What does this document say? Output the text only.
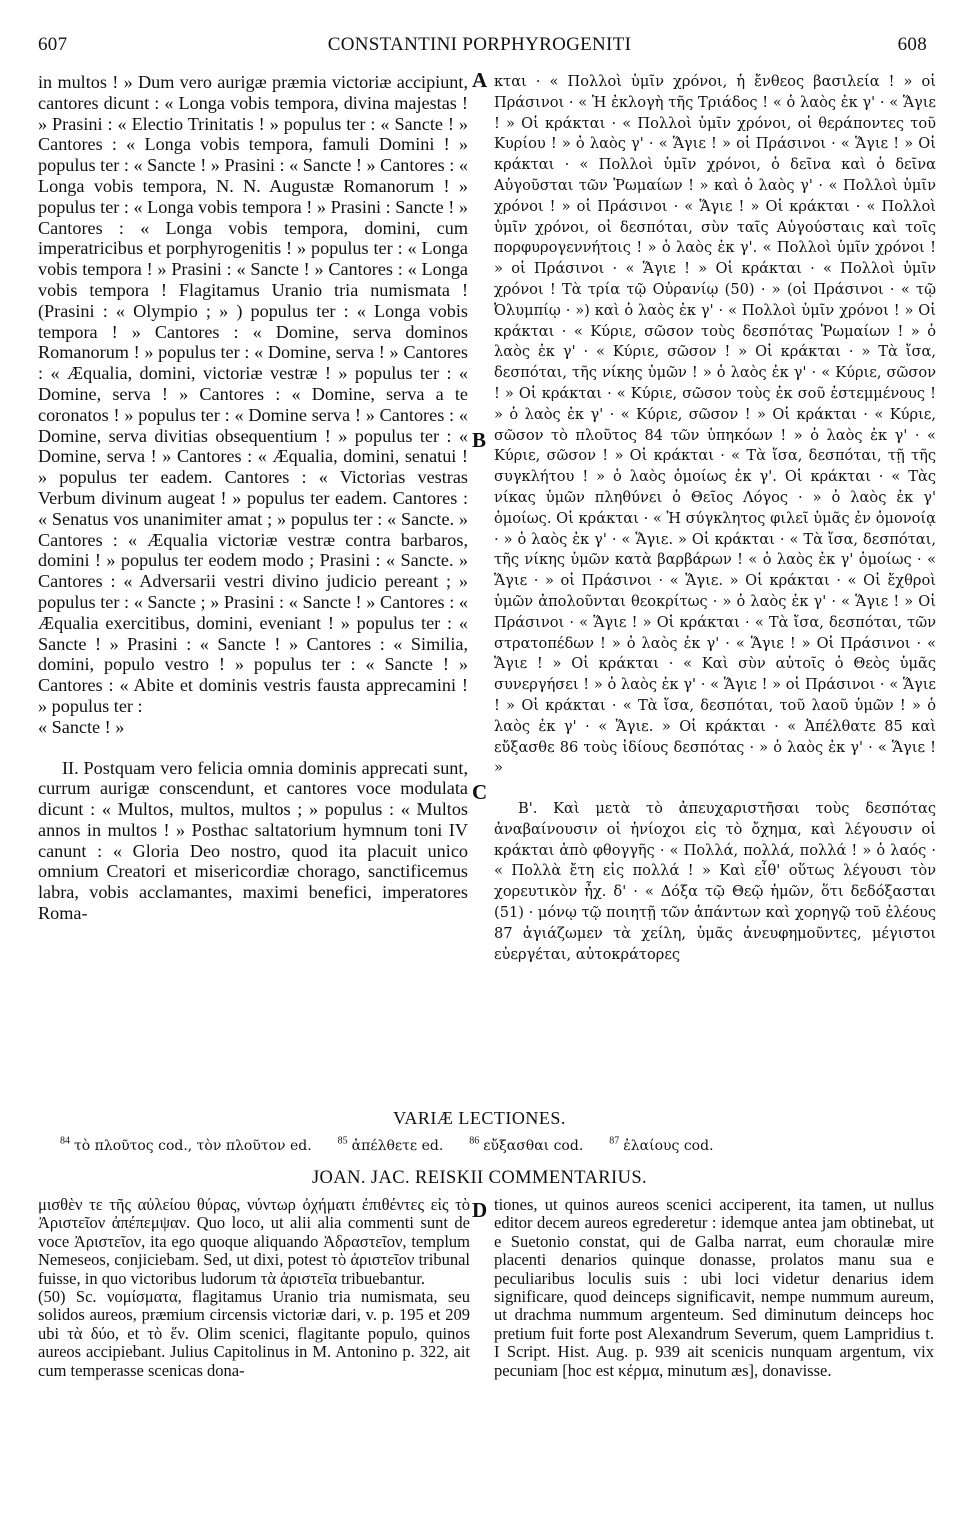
607	CONSTANTINI PORPHYROGENITI	608

in multos ! » Dum vero aurigæ præmia victoriæ accipiunt, cantores dicunt : « Longa vobis tempora, divina majestas ! » Prasini : « Electio Trinitatis ! » populus ter : « Sancte ! » Cantores : « Longa vobis tempora, famuli Domini ! » populus ter : « Sancte ! » Prasini : « Sancte ! » Cantores : « Longa vobis tempora, N. N. Augustæ Romanorum ! » populus ter : « Longa vobis tempora ! » Prasini : Sancte ! » Cantores : « Longa vobis tempora, domini, cum imperatricibus et porphyrogenitis ! » populus ter : « Longa vobis tempora ! » Prasini : « Sancte ! » Cantores : « Longa vobis tempora ! Flagitamus Uranio tria numismata ! (Prasini : « Olympio ; » ) populus ter : « Longa vobis tempora ! » Cantores : « Domine, serva dominos Romanorum ! » populus ter : « Domine, serva ! » Cantores : « Æqualia, domini, victoriæ vestræ ! » populus ter : « Domine, serva ! » Cantores : « Domine, serva a te coronatos ! » populus ter : « Domine serva ! » Cantores : « Domine, serva divitias obsequentium ! » populus ter : « Domine, serva ! » Cantores : « Æqualia, domini, senatui ! » populus ter eadem. Cantores : « Victorias vestras Verbum divinum augeat ! » populus ter eadem. Cantores : « Senatus vos unanimiter amat ; » populus ter : « Sancte. » Cantores : « Æqualia victoriæ vestræ contra barbaros, domini ! » populus ter eodem modo ; Prasini : « Sancte. » Cantores : « Adversarii vestri divino judicio pereant ; » populus ter : « Sancte ; » Prasini : « Sancte ! » Cantores : « Æqualia exercitibus, domini, eveniant ! » populus ter : « Sancte ! » Prasini : « Sancte ! » Cantores : « Similia, domini, populo vestro ! » populus ter : « Sancte ! » Cantores : « Abite et dominis vestris fausta apprecamini ! » populus ter :

« Sancte ! »

II. Postquam vero felicia omnia dominis apprecati sunt, currum aurigæ conscendunt, et cantores voce modulata dicunt : « Multos, multos, multos ; » populus : « Multos annos in multos ! » Posthac saltatorium hymnum toni IV canunt : « Gloria Deo nostro, quod ita placuit unico omnium Creatori et misericordiæ chorago, sanctificemus labra, vobis acclamantes, maximi benefici, imperatores Roma-

A
B
C
D

κται · « Πολλοὶ ὑμῖν χρόνοι, ἡ ἔνθεος βασιλεία ! » οἱ Πράσινοι · « Ἡ ἐκλογὴ τῆς Τριάδος ! « ὁ λαὸς ἐκ γ' · « Ἅγιε ! » Οἱ κράκται · « Πολλοὶ ὑμῖν χρόνοι, οἱ θεράποντες τοῦ Κυρίου ! » ὁ λαὸς γ' · « Ἅγιε ! » οἱ Πράσινοι · « Ἅγιε ! » Οἱ κράκται · « Πολλοὶ ὑμῖν χρόνοι, ὁ δεῖνα καὶ ὁ δεῖνα Αὐγοῦσται τῶν Ῥωμαίων ! » καὶ ὁ λαὸς γ' · « Πολλοὶ ὑμῖν χρόνοι ! » οἱ Πράσινοι · « Ἅγιε ! » Οἱ κράκται · « Πολλοὶ ὑμῖν χρόνοι, οἱ δεσπόται, σὺν ταῖς Αὐγούσταις καὶ τοῖς πορφυρογεννήτοις ! » ὁ λαὸς ἐκ γ'. « Πολλοὶ ὑμῖν χρόνοι ! » οἱ Πράσινοι · « Ἅγιε ! » Οἱ κράκται · « Πολλοὶ ὑμῖν χρόνοι ! Τὰ τρία τῷ Οὐρανίῳ (50) · » (οἱ Πράσινοι · « τῷ Ὀλυμπίῳ · ») καὶ ὁ λαὸς ἐκ γ' · « Πολλοὶ ὑμῖν χρόνοι ! » Οἱ κράκται · « Κύριε, σῶσον τοὺς δεσπότας Ῥωμαίων ! » ὁ λαὸς ἐκ γ' · « Κύριε, σῶσον ! » Οἱ κράκται · » Τὰ ἴσα, δεσπόται, τῆς νίκης ὑμῶν ! » ὁ λαὸς ἐκ γ' · « Κύριε, σῶσον ! » Οἱ κράκται · « Κύριε, σῶσον τοὺς ἐκ σοῦ ἐστεμμένους ! » ὁ λαὸς ἐκ γ' · « Κύριε, σῶσον ! » Οἱ κράκται · « Κύριε, σῶσον τὸ πλοῦτος 84 τῶν ὑπηκόων ! » ὁ λαὸς ἐκ γ' · « Κύριε, σῶσον ! » Οἱ κράκται · « Τὰ ἴσα, δεσπόται, τῇ τῆς συγκλήτου ! » ὁ λαὸς ὁμοίως ἐκ γ'. Οἱ κράκται · « Τὰς νίκας ὑμῶν πληθύνει ὁ Θεῖος Λόγος · » ὁ λαὸς ἐκ γ' ὁμοίως. Οἱ κράκται · « Ἡ σύγκλητος φιλεῖ ὑμᾶς ἐν ὁμονοίᾳ · » ὁ λαὸς ἐκ γ' · « Ἅγιε. » Οἱ κράκται · « Τὰ ἴσα, δεσπόται, τῆς νίκης ὑμῶν κατὰ βαρβάρων ! « ὁ λαὸς ἐκ γ' ὁμοίως · « Ἅγιε · » οἱ Πράσινοι · « Ἅγιε. » Οἱ κράκται · « Οἱ ἔχθροὶ ὑμῶν ἀπολοῦνται θεοκρίτως · » ὁ λαὸς ἐκ γ' · « Ἅγιε ! » Οἱ Πράσινοι · « Ἅγιε ! » Οἱ κράκται · « Τὰ ἴσα, δεσπόται, τῶν στρατοπέδων ! » ὁ λαὸς ἐκ γ' · « Ἅγιε ! » Οἱ Πράσινοι · « Ἅγιε ! » Οἱ κράκται · « Καὶ σὺν αὐτοῖς ὁ Θεὸς ὑμᾶς συνεργήσει ! » ὁ λαὸς ἐκ γ' · « Ἅγιε ! » οἱ Πράσινοι · « Ἅγιε ! » Οἱ κράκται · « Τὰ ἴσα, δεσπόται, τοῦ λαοῦ ὑμῶν ! » ὁ λαὸς ἐκ γ' · « Ἅγιε. » Οἱ κράκται · « Ἀπέλθατε 85 καὶ εὔξασθε 86 τοὺς ἰδίους δεσπότας · » ὁ λαὸς ἐκ γ' · « Ἅγιε ! »

Β'. Καὶ μετὰ τὸ ἀπευχαριστῆσαι τοὺς δεσπότας ἀναβαίνουσιν οἱ ἡνίοχοι εἰς τὸ ὄχημα, καὶ λέγουσιν οἱ κράκται ἀπὸ φθογγῆς · « Πολλά, πολλά, πολλά ! » ὁ λαός · « Πολλὰ ἔτη εἰς πολλά ! » Καὶ εἶθ' οὕτως λέγουσι τὸν χορευτικὸν ἦχ. δ' · « Δόξα τῷ Θεῷ ἡμῶν, ὅτι δεδόξασται (51) · μόνῳ τῷ ποιητῇ τῶν ἁπάντων καὶ χορηγῷ τοῦ ἐλέους 87 ἁγιάζωμεν τὰ χείλη, ὑμᾶς ἀνευφημοῦντες, μέγιστοι εὐεργέται, αὐτοκράτορες

VARIÆ LECTIONES.
$^{84}$ τὸ πλοῦτος cod., τὸν πλοῦτον ed.	$^{85}$ ἀπέλθετε ed.	$^{86}$ εὔξασθαι cod.	$^{87}$ ἐλαίους cod.
JOAN. JAC. REISKII COMMENTARIUS.

μισθὲν τε τῆς αὐλείου θύρας, νύντωρ ὀχήματι ἐπιθέντες εἰς τὸ Ἀριστεῖον ἀπέπεμψαν. Quo loco, ut alii alia commenti sunt de voce Ἀριστεῖον, ita ego quoque aliquando Ἀδραστεῖον, templum Nemeseos, conjiciebam. Sed, ut dixi, potest τὸ ἀριστεῖον tribunal fuisse, in quo victoribus ludorum τὰ ἀριστεῖα tribuebantur.

(50) Sc. νομίσματα, flagitamus Uranio tria numismata, seu solidos aureos, præmium circensis victoriæ dari, v. p. 195 et 209 ubi τὰ δύο, et τὸ ἕν. Olim scenici, flagitante populo, quinos aureos accipiebant. Julius Capitolinus in M. Antonino p. 322, ait cum temperasse scenicas dona-

tiones, ut quinos aureos scenici acciperent, ita tamen, ut nullus editor decem aureos egrederetur : idemque antea jam obtinebat, ut e Suetonio constat, qui de Galba narrat, eum choraulæ mire placenti denarios quinque donasse, prolatos manu sua e peculiaribus loculis suis : ubi loci videtur denarius idem significare, quod deinceps significavit, nempe nummum aureum, ut drachma nummum argenteum. Sed diminutum deinceps hoc pretium fuit forte post Alexandrum Severum, quem Lampridius t. I Script. Hist. Aug. p. 939 ait scenicis nunquam argentum, vix pecuniam [hoc est κέρμα, minutum æs], donavisse.
